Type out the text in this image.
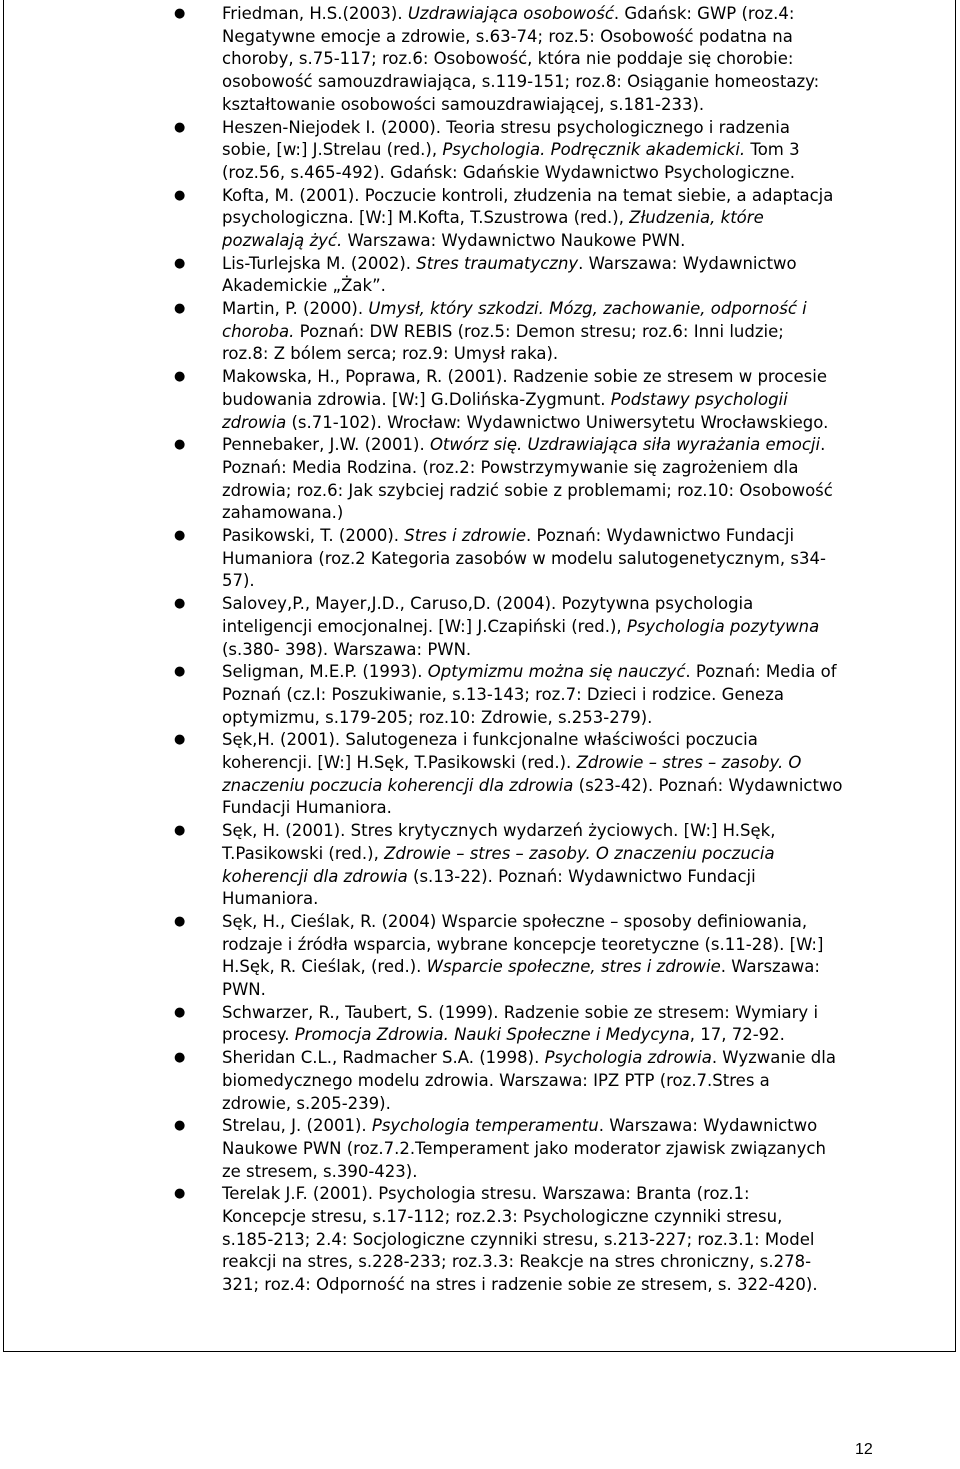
● Friedman, H.S.(2003). Uzdrawiająca osobowość. Gdańsk: GWP (roz.4:
Negatywne emocje a zdrowie, s.63-74; roz.5: Osobowość podatna na
choroby, s.75-117; roz.6: Osobowość, która nie poddaje się chorobie:
osobowość samouzdrawiająca, s.119-151; roz.8: Osiąganie homeostazy:
kształtowanie osobowości samouzdrawiającej, s.181-233).
● Heszen-Niejodek I. (2000). Teoria stresu psychologicznego i radzenia
sobie, [w:] J.Strelau (red.), Psychologia. Podręcznik akademicki. Tom 3
(roz.56, s.465-492). Gdańsk: Gdańskie Wydawnictwo Psychologiczne.
● Kofta, M. (2001). Poczucie kontroli, złudzenia na temat siebie, a adaptacja
psychologiczna. [W:] M.Kofta, T.Szustrowa (red.), Złudzenia, które
pozwalają żyć. Warszawa: Wydawnictwo Naukowe PWN.
● Lis-Turlejska M. (2002). Stres traumatyczny. Warszawa: Wydawnictwo
Akademickie „Żak”.
● Martin, P. (2000). Umysł, który szkodzi. Mózg, zachowanie, odporność i
choroba. Poznań: DW REBIS (roz.5: Demon stresu; roz.6: Inni ludzie;
roz.8: Z bólem serca; roz.9: Umysł raka).
● Makowska, H., Poprawa, R. (2001). Radzenie sobie ze stresem w procesie
budowania zdrowia. [W:] G.Dolińska-Zygmunt. Podstawy psychologii
zdrowia (s.71-102). Wrocław: Wydawnictwo Uniwersytetu Wrocławskiego.
● Pennebaker, J.W. (2001). Otwórz się. Uzdrawiająca siła wyrażania emocji.
Poznań: Media Rodzina. (roz.2: Powstrzymywanie się zagrożeniem dla
zdrowia; roz.6: Jak szybciej radzić sobie z problemami; roz.10: Osobowość
zahamowana.)
● Pasikowski, T. (2000). Stres i zdrowie. Poznań: Wydawnictwo Fundacji
Humaniora (roz.2 Kategoria zasobów w modelu salutogenetycznym, s34-
57).
● Salovey,P., Mayer,J.D., Caruso,D. (2004). Pozytywna psychologia
inteligencji emocjonalnej. [W:] J.Czapiński (red.), Psychologia pozytywna
(s.380- 398). Warszawa: PWN.
● Seligman, M.E.P. (1993). Optymizmu można się nauczyć. Poznań: Media of
Poznań (cz.I: Poszukiwanie, s.13-143; roz.7: Dzieci i rodzice. Geneza
optymizmu, s.179-205; roz.10: Zdrowie, s.253-279).
● Sęk,H. (2001). Salutogeneza i funkcjonalne właściwości poczucia
koherencji. [W:] H.Sęk, T.Pasikowski (red.). Zdrowie – stres – zasoby. O
znaczeniu poczucia koherencji dla zdrowia (s23-42). Poznań: Wydawnictwo
Fundacji Humaniora.
● Sęk, H. (2001). Stres krytycznych wydarzeń życiowych. [W:] H.Sęk,
T.Pasikowski (red.), Zdrowie – stres – zasoby. O znaczeniu poczucia
koherencji dla zdrowia (s.13-22). Poznań: Wydawnictwo Fundacji
Humaniora.
● Sęk, H., Cieślak, R. (2004) Wsparcie społeczne – sposoby definiowania,
rodzaje i źródła wsparcia, wybrane koncepcje teoretyczne (s.11-28). [W:]
H.Sęk, R. Cieślak, (red.). Wsparcie społeczne, stres i zdrowie. Warszawa:
PWN.
● Schwarzer, R., Taubert, S. (1999). Radzenie sobie ze stresem: Wymiary i
procesy. Promocja Zdrowia. Nauki Społeczne i Medycyna, 17, 72-92.
● Sheridan C.L., Radmacher S.A. (1998). Psychologia zdrowia. Wyzwanie dla
biomedycznego modelu zdrowia. Warszawa: IPZ PTP (roz.7.Stres a
zdrowie, s.205-239).
● Strelau, J. (2001). Psychologia temperamentu. Warszawa: Wydawnictwo
Naukowe PWN (roz.7.2.Temperament jako moderator zjawisk związanych
ze stresem, s.390-423).
● Terelak J.F. (2001). Psychologia stresu. Warszawa: Branta (roz.1:
Koncepcje stresu, s.17-112; roz.2.3: Psychologiczne czynniki stresu,
s.185-213; 2.4: Socjologiczne czynniki stresu, s.213-227; roz.3.1: Model
reakcji na stres, s.228-233; roz.3.3: Reakcje na stres chroniczny, s.278-
321; roz.4: Odporność na stres i radzenie sobie ze stresem, s. 322-420).
12
